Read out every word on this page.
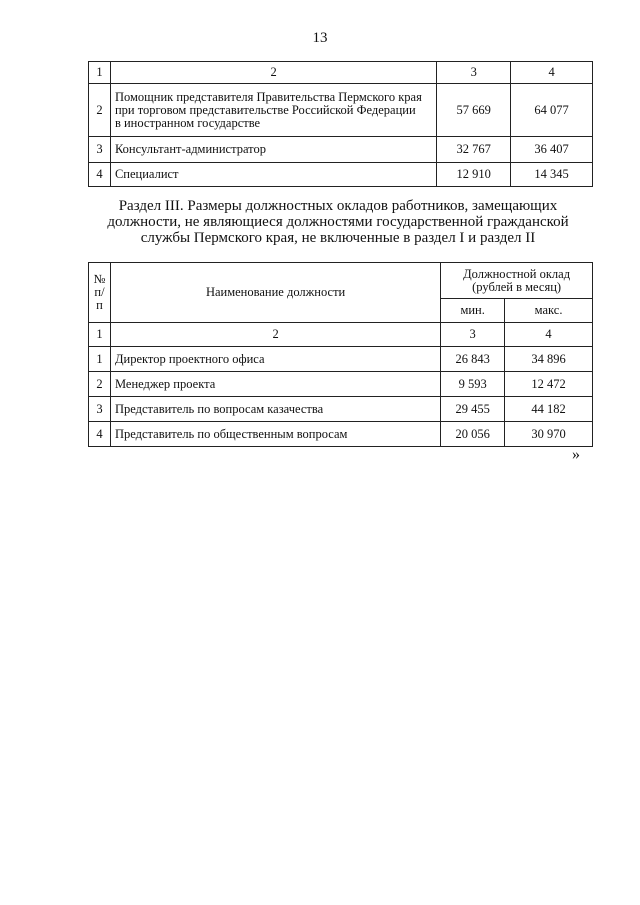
13
1	2	3	4
2	Помощник представителя Правительства Пермского края
при торговом представительстве Российской Федерации
в иностранном государстве	57 669	64 077
3	Консультант-администратор	32 767	36 407
4	Специалист	12 910	14 345
Раздел III. Размеры должностных окладов работников, замещающих
должности, не являющиеся должностями государственной гражданской
службы Пермского края, не включенные в раздел I и раздел II
№
п/п	Наименование должности	Должностной оклад
(рублей в месяц)	
		мин.	макс.
1	2	3	4
1	Директор проектного офиса	26 843	34 896
2	Менеджер проекта	9 593	12 472
3	Представитель по вопросам казачества	29 455	44 182
4	Представитель по общественным вопросам	20 056	30 970
»
